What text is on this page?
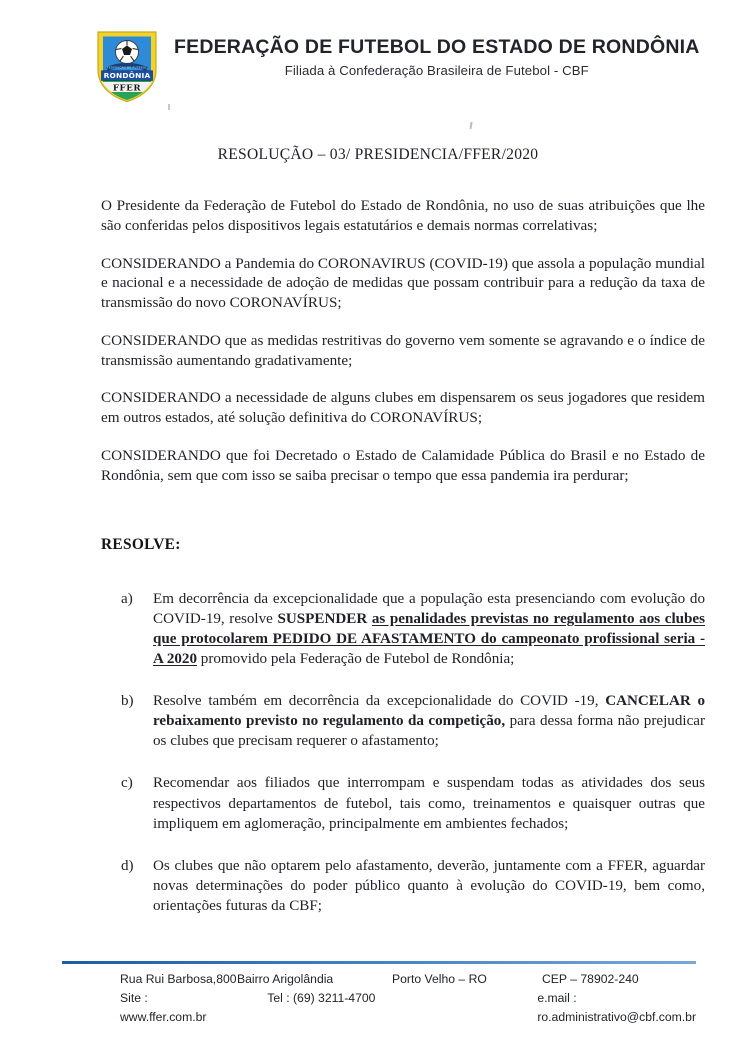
FEDERACAO DE FUTEBOL
RONDÔNIA
FFER
FEDERAÇÃO DE FUTEBOL DO ESTADO DE RONDÔNIA
Filiada à Confederação Brasileira de Futebol - CBF
RESOLUÇÃO – 03/ PRESIDENCIA/FFER/2020

O Presidente da Federação de Futebol do Estado de Rondônia, no uso de suas atribuições que lhe são conferidas pelos dispositivos legais estatutários e demais normas correlativas;

CONSIDERANDO a Pandemia do CORONAVIRUS (COVID-19) que assola a população mundial e nacional e a necessidade de adoção de medidas que possam contribuir para a redução da taxa de transmissão do novo CORONAVÍRUS;

CONSIDERANDO que as medidas restritivas do governo vem somente se agravando e o índice de transmissão aumentando gradativamente;

CONSIDERANDO a necessidade de alguns clubes em dispensarem os seus jogadores que residem em outros estados, até solução definitiva do CORONAVÍRUS;

CONSIDERANDO que foi Decretado o Estado de Calamidade Pública do Brasil e no Estado de Rondônia, sem que com isso se saiba precisar o tempo que essa pandemia ira perdurar;

RESOLVE:
a)	Em decorrência da excepcionalidade que a população esta presenciando com evolução do COVID-19, resolve SUSPENDER as penalidades previstas no regulamento aos clubes que protocolarem PEDIDO DE AFASTAMENTO do campeonato profissional seria -A 2020 promovido pela Federação de Futebol de Rondônia;
b)	Resolve também em decorrência da excepcionalidade do COVID -19, CANCELAR o rebaixamento previsto no regulamento da competição, para dessa forma não prejudicar os clubes que precisam requerer o afastamento;
c)	Recomendar aos filiados que interrompam e suspendam todas as atividades dos seus respectivos departamentos de futebol, tais como, treinamentos e quaisquer outras que impliquem em aglomeração, principalmente em ambientes fechados;
d)	Os clubes que não optarem pelo afastamento, deverão, juntamente com a FFER, aguardar novas determinações do poder público quanto à evolução do COVID-19, bem como, orientações futuras da CBF;
Rua Rui Barbosa,800 Bairro Arigolândia	Porto Velho – RO	CEP – 78902-240
Site : www.ffer.com.br
Tel : (69) 3211-4700	e.mail : ro.administrativo@cbf.com.br
